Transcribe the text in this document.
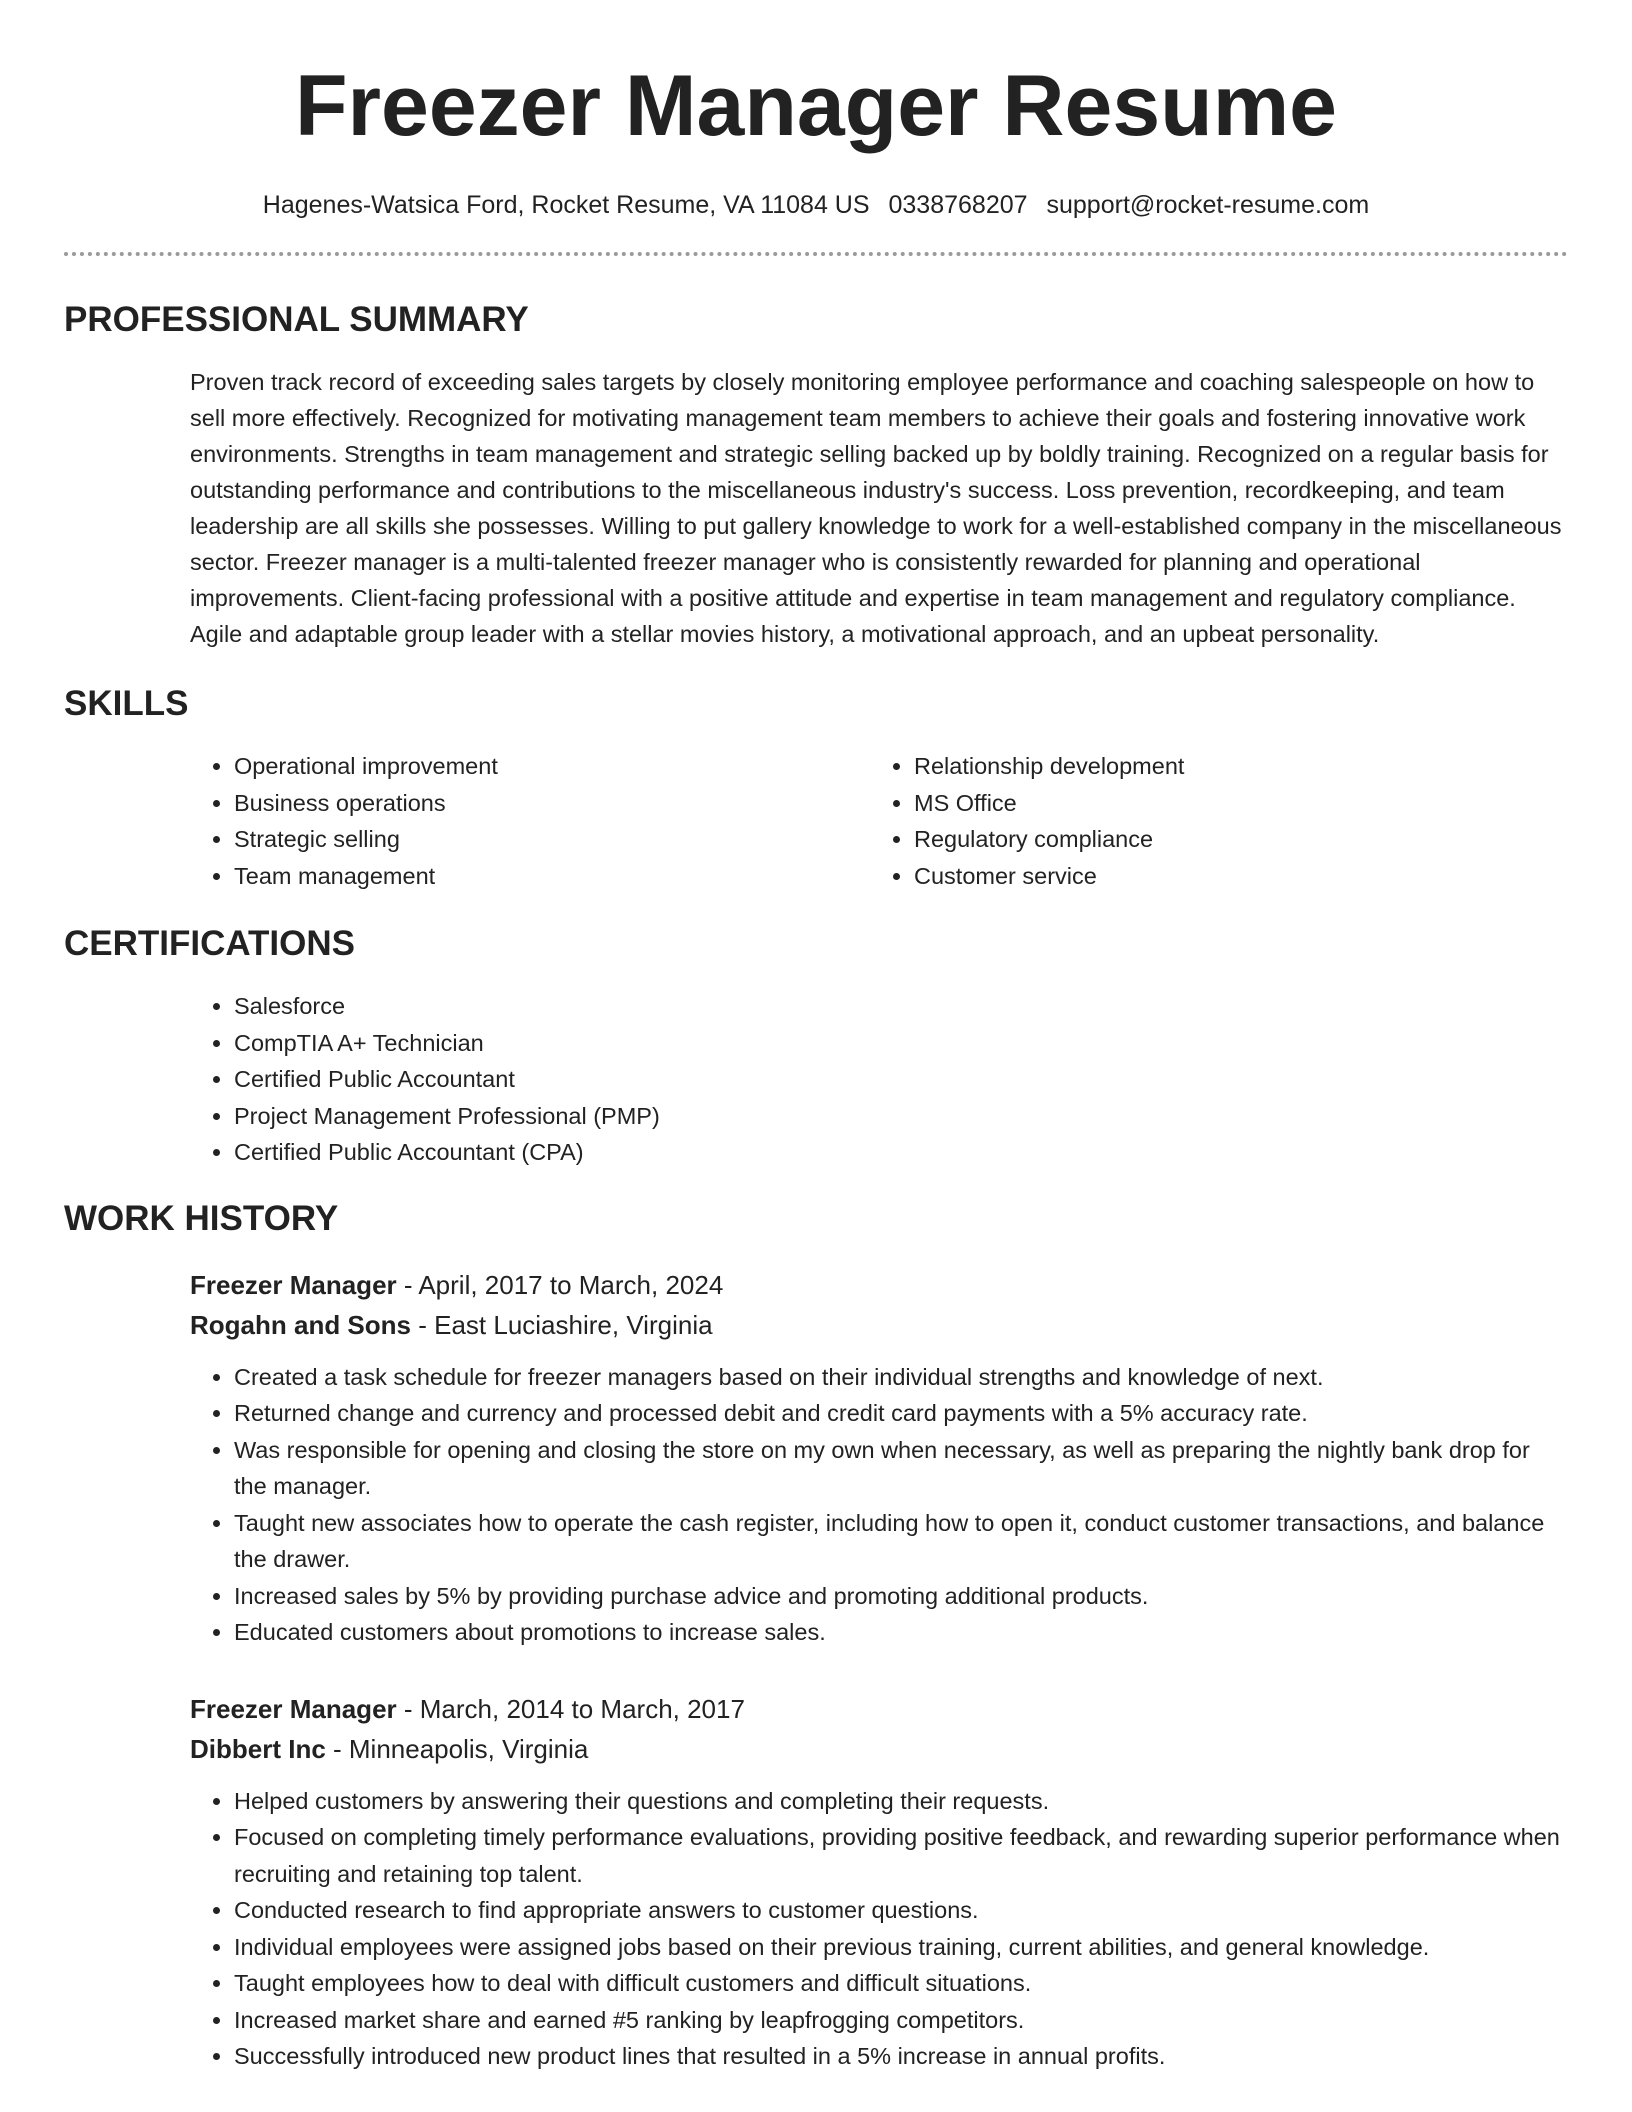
Freezer Manager Resume
Hagenes-Watsica Ford, Rocket Resume, VA 11084 US 0338768207 support@rocket-resume.com
PROFESSIONAL SUMMARY

Proven track record of exceeding sales targets by closely monitoring employee performance and coaching salespeople on how to sell more effectively. Recognized for motivating management team members to achieve their goals and fostering innovative work environments. Strengths in team management and strategic selling backed up by boldly training. Recognized on a regular basis for outstanding performance and contributions to the miscellaneous industry's success. Loss prevention, recordkeeping, and team leadership are all skills she possesses. Willing to put gallery knowledge to work for a well-established company in the miscellaneous sector. Freezer manager is a multi-talented freezer manager who is consistently rewarded for planning and operational improvements. Client-facing professional with a positive attitude and expertise in team management and regulatory compliance. Agile and adaptable group leader with a stellar movies history, a motivational approach, and an upbeat personality.

SKILLS
• Operational improvement
• Business operations
• Strategic selling
• Team management
• Relationship development
• MS Office
• Regulatory compliance
• Customer service
CERTIFICATIONS
• Salesforce
• CompTIA A+ Technician
• Certified Public Accountant
• Project Management Professional (PMP)
• Certified Public Accountant (CPA)
WORK HISTORY
Freezer Manager - April, 2017 to March, 2024
Rogahn and Sons - East Luciashire, Virginia
• Created a task schedule for freezer managers based on their individual strengths and knowledge of next.
• Returned change and currency and processed debit and credit card payments with a 5% accuracy rate.
• Was responsible for opening and closing the store on my own when necessary, as well as preparing the nightly bank drop for the manager.
• Taught new associates how to operate the cash register, including how to open it, conduct customer transactions, and balance the drawer.
• Increased sales by 5% by providing purchase advice and promoting additional products.
• Educated customers about promotions to increase sales.
Freezer Manager - March, 2014 to March, 2017
Dibbert Inc - Minneapolis, Virginia
• Helped customers by answering their questions and completing their requests.
• Focused on completing timely performance evaluations, providing positive feedback, and rewarding superior performance when recruiting and retaining top talent.
• Conducted research to find appropriate answers to customer questions.
• Individual employees were assigned jobs based on their previous training, current abilities, and general knowledge.
• Taught employees how to deal with difficult customers and difficult situations.
• Increased market share and earned #5 ranking by leapfrogging competitors.
• Successfully introduced new product lines that resulted in a 5% increase in annual profits.
